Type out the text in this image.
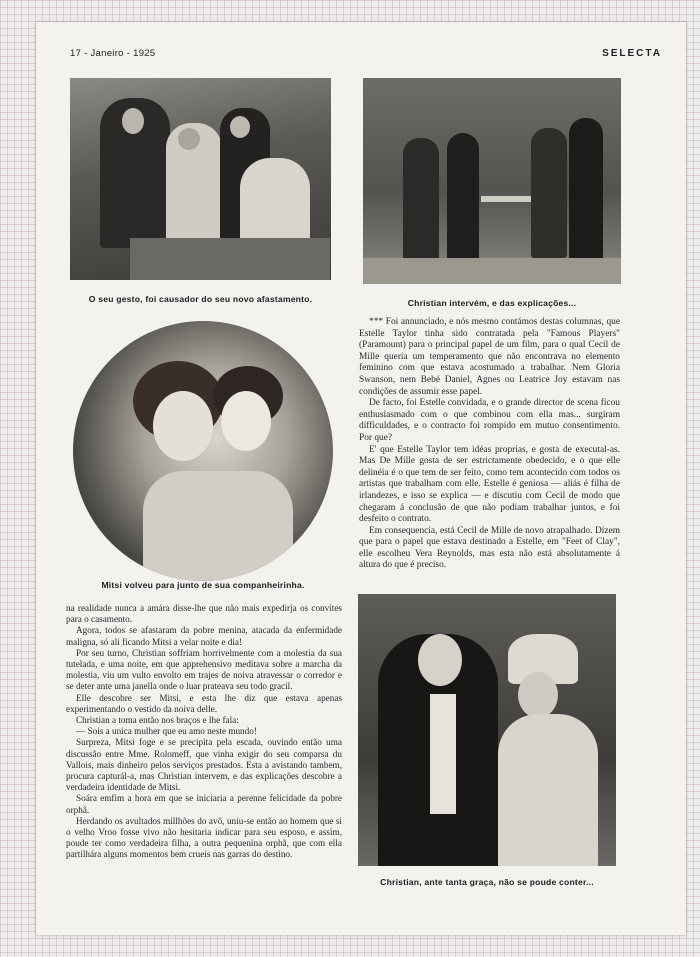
17 - Janeiro - 1925	SELECTA
O seu gesto, foi causador do seu novo afastamento.	Christian intervém, e das explicações...
Mitsi volveu para junto de sua companheirinha.

*** Foi annunciado, e nós mesmo contámos destas columnas, que Estelle Taylor tinha sido contratada pela "Famous Players" (Paramount) para o principal papel de um film, para o qual Cecil de Mille queria um temperamento que não encontrava no elemento feminino com que estava acostumado a trabalhar. Nem Gloria Swanson, nem Bebé Daniel, Agnes ou Leatrice Joy estavam nas condições de assumir esse papel.

De facto, foi Estelle convidada, e o grande director de scena ficou enthusiasmado com o que combinou com ella mas... surgiram difficuldades, e o contracto foi rompido em mutuo consentimento. Por que?

E' que Estelle Taylor tem idéas proprias, e gosta de executal-as. Mas De Mille gosta de ser estrictamente obedecido, e o que elle delinéia é o que tem de ser feito, como tem acontecido com todos os artistas que trabalham com elle. Estelle é geniosa — aliás é filha de irlandezes, e isso se explica — e discutiu com Cecil de modo que chegaram á conclusão de que não podiam trabalhar juntos, e foi desfeito o contrato.

Em consequencia, está Cecil de Mille de novo atrapalhado. Dizem que para o papel que estava destinado a Estelle, em "Feet of Clay", elle escolheu Vera Reynolds, mas esta não está absolutamente á altura do que é preciso.

na realidade nunca a amára disse-lhe que não mais expedirja os convites para o casamento.

Agora, todos se afastaram da pobre menina, atacada da enfermidade maligna, só ali ficando Mitsi a velar noite e dia!

Por seu turno, Christian soffriam horrivelmente com a molestia da sua tutelada, e uma noite, em que apprehensivo meditava sobre a marcha da molestia, viu um vulto envolto em trajes de noiva atravessar o corredor e se deter ante uma janella onde o luar prateava seu todo gracil.

Elle descobre ser Mitsi, e esta lhe diz que estava apenas experimentando o vestido da noiva delle.

Christian a toma então nos braços e lhe fala:

— Sois a unica mulher que eu amo neste mundo!

Surpreza, Mitsi foge e se precipita pela escada, ouvindo então uma discussão entre Mme. Rolomeff, que vinha exigir do seu comparsa du Vallois, mais dinheiro pelos serviços prestados. Esta a avistando tambem, procura capturál-a, mas Christian intervem, e das explicações descobre a verdadeira identidade de Mitsi.

Soára emfim a hora em que se iniciaria a perenne felicidade da pobre orphã.

Herdando os avultados millhões do avô, uniu-se então ao homem que si o velho Vroo fosse vivo não hesitaria indicar para seu esposo, e assim, poude ter como verdadeira filha, a outra pequenina orphã, que com ella partilhára alguns momentos bem crueis nas garras do destino.

Christian, ante tanta graça, não se poude conter...
